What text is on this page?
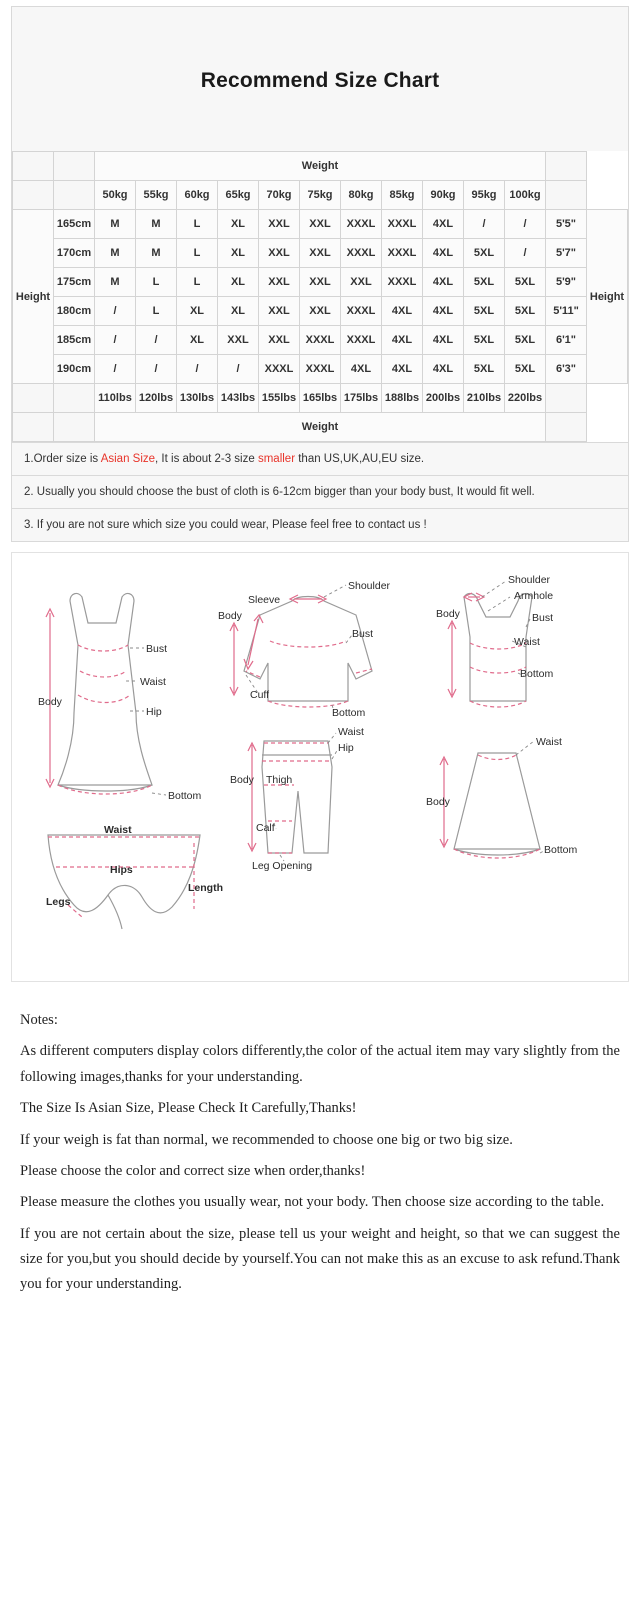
Recommend Size Chart
		Weight												
		50kg	55kg	60kg	65kg	70kg	75kg	80kg	85kg	90kg	95kg	100kg		
Height	165cm	M	M	L	XL	XXL	XXL	XXXL	XXXL	4XL	/	/	5'5"	Height
	170cm	M	M	L	XL	XXL	XXL	XXXL	XXXL	4XL	5XL	/	5'7"	
	175cm	M	L	L	XL	XXL	XXL	XXL	XXXL	4XL	5XL	5XL	5'9"	
	180cm	/	L	XL	XL	XXL	XXL	XXXL	4XL	4XL	5XL	5XL	5'11"	
	185cm	/	/	XL	XXL	XXL	XXXL	XXXL	4XL	4XL	5XL	5XL	6'1"	
	190cm	/	/	/	/	XXXL	XXXL	4XL	4XL	4XL	5XL	5XL	6'3"	
		110lbs	120lbs	130lbs	143lbs	155lbs	165lbs	175lbs	188lbs	200lbs	210lbs	220lbs		
		Weight												
1.Order size is Asian Size, It is about 2-3 size smaller than US,UK,AU,EU size.
2. Usually you should choose the bust of cloth is 6-12cm bigger than your body bust, It would fit well.
3. If you are not sure which size you could wear, Please feel free to contact us !
Bust
Waist
Hip
Body
Bottom
Shoulder
Sleeve
Bust
Body
Cuff
Bottom
Shoulder
Armhole
Bust
Body
Waist
Bottom
Waist
Hip
Body Thigh
Calf
Leg Opening
Waist
Body
Bottom
Waist
Hips
Legs
Length
Notes:

As different computers display colors differently,the color of the actual item may vary slightly from the following images,thanks for your understanding.

The Size Is Asian Size, Please Check It Carefully,Thanks!

If your weigh is fat than normal, we recommended to choose one big or two big size.

Please choose the color and correct size when order,thanks!

Please measure the clothes you usually wear, not your body. Then choose size according to the table.

If you are not certain about the size, please tell us your weight and height, so that we can suggest the size for you,but you should decide by yourself.You can not make this as an excuse to ask refund.Thank you for your understanding.
